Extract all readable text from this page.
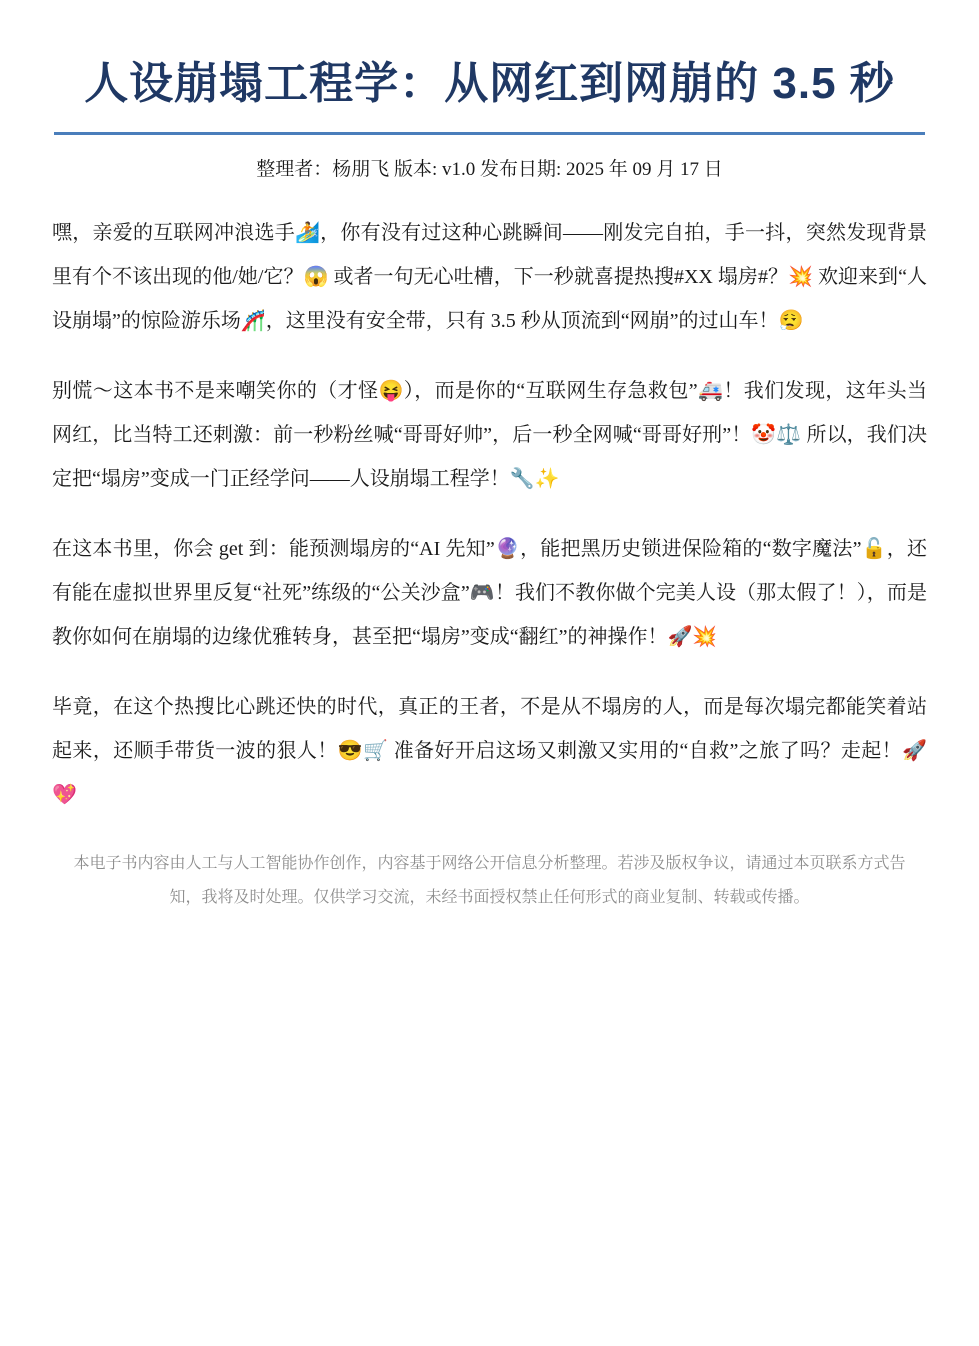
人设崩塌工程学：从网红到网崩的 3.5 秒

整理者：杨朋飞 版本: v1.0 发布日期: 2025 年 09 月 17 日

嘿，亲爱的互联网冲浪选手🏄，你有没有过这种心跳瞬间——刚发完自拍，手一抖，突然发现背景里有个不该出现的他/她/它？😱 或者一句无心吐槽，下一秒就喜提热搜#XX 塌房#？💥 欢迎来到“人设崩塌”的惊险游乐场🎢，这里没有安全带，只有 3.5 秒从顶流到“网崩”的过山车！😮‍💨

别慌～这本书不是来嘲笑你的（才怪😝），而是你的“互联网生存急救包”🚑！我们发现，这年头当网红，比当特工还刺激：前一秒粉丝喊“哥哥好帅”，后一秒全网喊“哥哥好刑”！🤡⚖️ 所以，我们决定把“塌房”变成一门正经学问——人设崩塌工程学！🔧✨

在这本书里，你会 get 到：能预测塌房的“AI 先知”🔮，能把黑历史锁进保险箱的“数字魔法”🔓，还有能在虚拟世界里反复“社死”练级的“公关沙盒”🎮！我们不教你做个完美人设（那太假了！），而是教你如何在崩塌的边缘优雅转身，甚至把“塌房”变成“翻红”的神操作！🚀💥

毕竟，在这个热搜比心跳还快的时代，真正的王者，不是从不塌房的人，而是每次塌完都能笑着站起来，还顺手带货一波的狠人！😎🛒 准备好开启这场又刺激又实用的“自救”之旅了吗？走起！🚀💖

本电子书内容由人工与人工智能协作创作，内容基于网络公开信息分析整理。若涉及版权争议，请通过本页联系方式告知，我将及时处理。仅供学习交流，未经书面授权禁止任何形式的商业复制、转载或传播。
